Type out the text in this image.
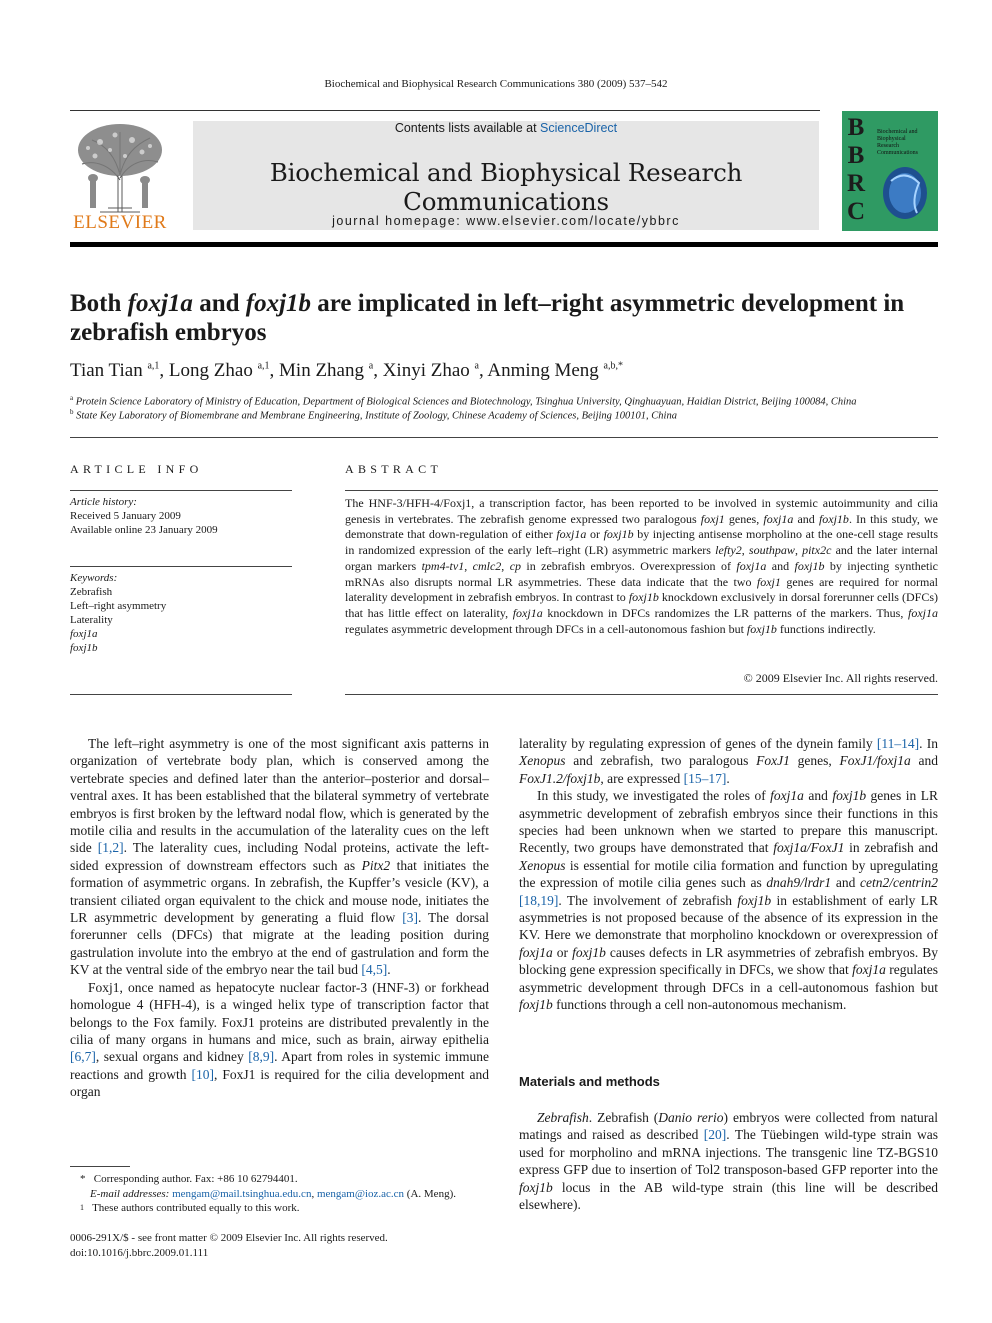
Biochemical and Biophysical Research Communications 380 (2009) 537–542
ELSEVIER
Contents lists available at ScienceDirect
Biochemical and Biophysical Research Communications
journal homepage: www.elsevier.com/locate/ybbrc
B
B
R
C
Biochemical and
Biophysical
Research
Communications
Both foxj1a and foxj1b are implicated in left–right asymmetric development in zebrafish embryos
Tian Tian $^{a,1}$, Long Zhao $^{a,1}$, Min Zhang $^a$, Xinyi Zhao $^a$, Anming Meng $^{a,b,*}$
$^a$ Protein Science Laboratory of Ministry of Education, Department of Biological Sciences and Biotechnology, Tsinghua University, Qinghuayuan, Haidian District, Beijing 100084, China
$^b$ State Key Laboratory of Biomembrane and Membrane Engineering, Institute of Zoology, Chinese Academy of Sciences, Beijing 100101, China
ARTICLE INFO
Article history:
Received 5 January 2009
Available online 23 January 2009
Keywords:
Zebrafish
Left–right asymmetry
Laterality
foxj1a
foxj1b
ABSTRACT
The HNF-3/HFH-4/Foxj1, a transcription factor, has been reported to be involved in systemic autoimmunity and cilia genesis in vertebrates. The zebrafish genome expressed two paralogous foxj1 genes, foxj1a and foxj1b. In this study, we demonstrate that down-regulation of either foxj1a or foxj1b by injecting antisense morpholino at the one-cell stage results in randomized expression of the early left–right (LR) asymmetric markers lefty2, southpaw, pitx2c and the later internal organ markers tpm4-tv1, cmlc2, cp in zebrafish embryos. Overexpression of foxj1a and foxj1b by injecting synthetic mRNAs also disrupts normal LR asymmetries. These data indicate that the two foxj1 genes are required for normal laterality development in zebrafish embryos. In contrast to foxj1b knockdown exclusively in dorsal forerunner cells (DFCs) that has little effect on laterality, foxj1a knockdown in DFCs randomizes the LR patterns of the markers. Thus, foxj1a regulates asymmetric development through DFCs in a cell-autonomous fashion but foxj1b functions indirectly.
© 2009 Elsevier Inc. All rights reserved.

The left–right asymmetry is one of the most significant axis patterns in organization of vertebrate body plan, which is conserved among the vertebrate species and defined later than the anterior–posterior and dorsal–ventral axes. It has been established that the bilateral symmetry of vertebrate embryos is first broken by the leftward nodal flow, which is generated by the motile cilia and results in the accumulation of the laterality cues on the left side [1,2]. The laterality cues, including Nodal proteins, activate the left-sided expression of downstream effectors such as Pitx2 that initiates the formation of asymmetric organs. In zebrafish, the Kupffer’s vesicle (KV), a transient ciliated organ equivalent to the chick and mouse node, initiates the LR asymmetric development by generating a fluid flow [3]. The dorsal forerunner cells (DFCs) that migrate at the leading position during gastrulation involute into the embryo at the end of gastrulation and form the KV at the ventral side of the embryo near the tail bud [4,5].

Foxj1, once named as hepatocyte nuclear factor-3 (HNF-3) or forkhead homologue 4 (HFH-4), is a winged helix type of transcription factor that belongs to the Fox family. FoxJ1 proteins are distributed prevalently in the cilia of many organs in humans and mice, such as brain, airway epithelia [6,7], sexual organs and kidney [8,9]. Apart from roles in systemic immune reactions and growth [10], FoxJ1 is required for the cilia development and organ

laterality by regulating expression of genes of the dynein family [11–14]. In Xenopus and zebrafish, two paralogous FoxJ1 genes, FoxJ1/foxj1a and FoxJ1.2/foxj1b, are expressed [15–17].

In this study, we investigated the roles of foxj1a and foxj1b genes in LR asymmetric development of zebrafish embryos since their functions in this species had been unknown when we started to prepare this manuscript. Recently, two groups have demonstrated that foxj1a/FoxJ1 in zebrafish and Xenopus is essential for motile cilia formation and function by upregulating the expression of motile cilia genes such as dnah9/lrdr1 and cetn2/centrin2 [18,19]. The involvement of zebrafish foxj1b in establishment of early LR asymmetries is not proposed because of the absence of its expression in the KV. Here we demonstrate that morpholino knockdown or overexpression of foxj1a or foxj1b causes defects in LR asymmetries of zebrafish embryos. By blocking gene expression specifically in DFCs, we show that foxj1a regulates asymmetric development through DFCs in a cell-autonomous fashion but foxj1b functions through a cell non-autonomous mechanism.

Materials and methods

Zebrafish. Zebrafish (Danio rerio) embryos were collected from natural matings and raised as described [20]. The Tüebingen wild-type strain was used for morpholino and mRNA injections. The transgenic line TZ-BGS10 express GFP due to insertion of Tol2 transposon-based GFP reporter into the foxj1b locus in the AB wild-type strain (this line will be described elsewhere).

* Corresponding author. Fax: +86 10 62794401.
E-mail addresses: mengam@mail.tsinghua.edu.cn, mengam@ioz.ac.cn (A. Meng).
$^1$ These authors contributed equally to this work.
0006-291X/$ - see front matter © 2009 Elsevier Inc. All rights reserved.
doi:10.1016/j.bbrc.2009.01.111
